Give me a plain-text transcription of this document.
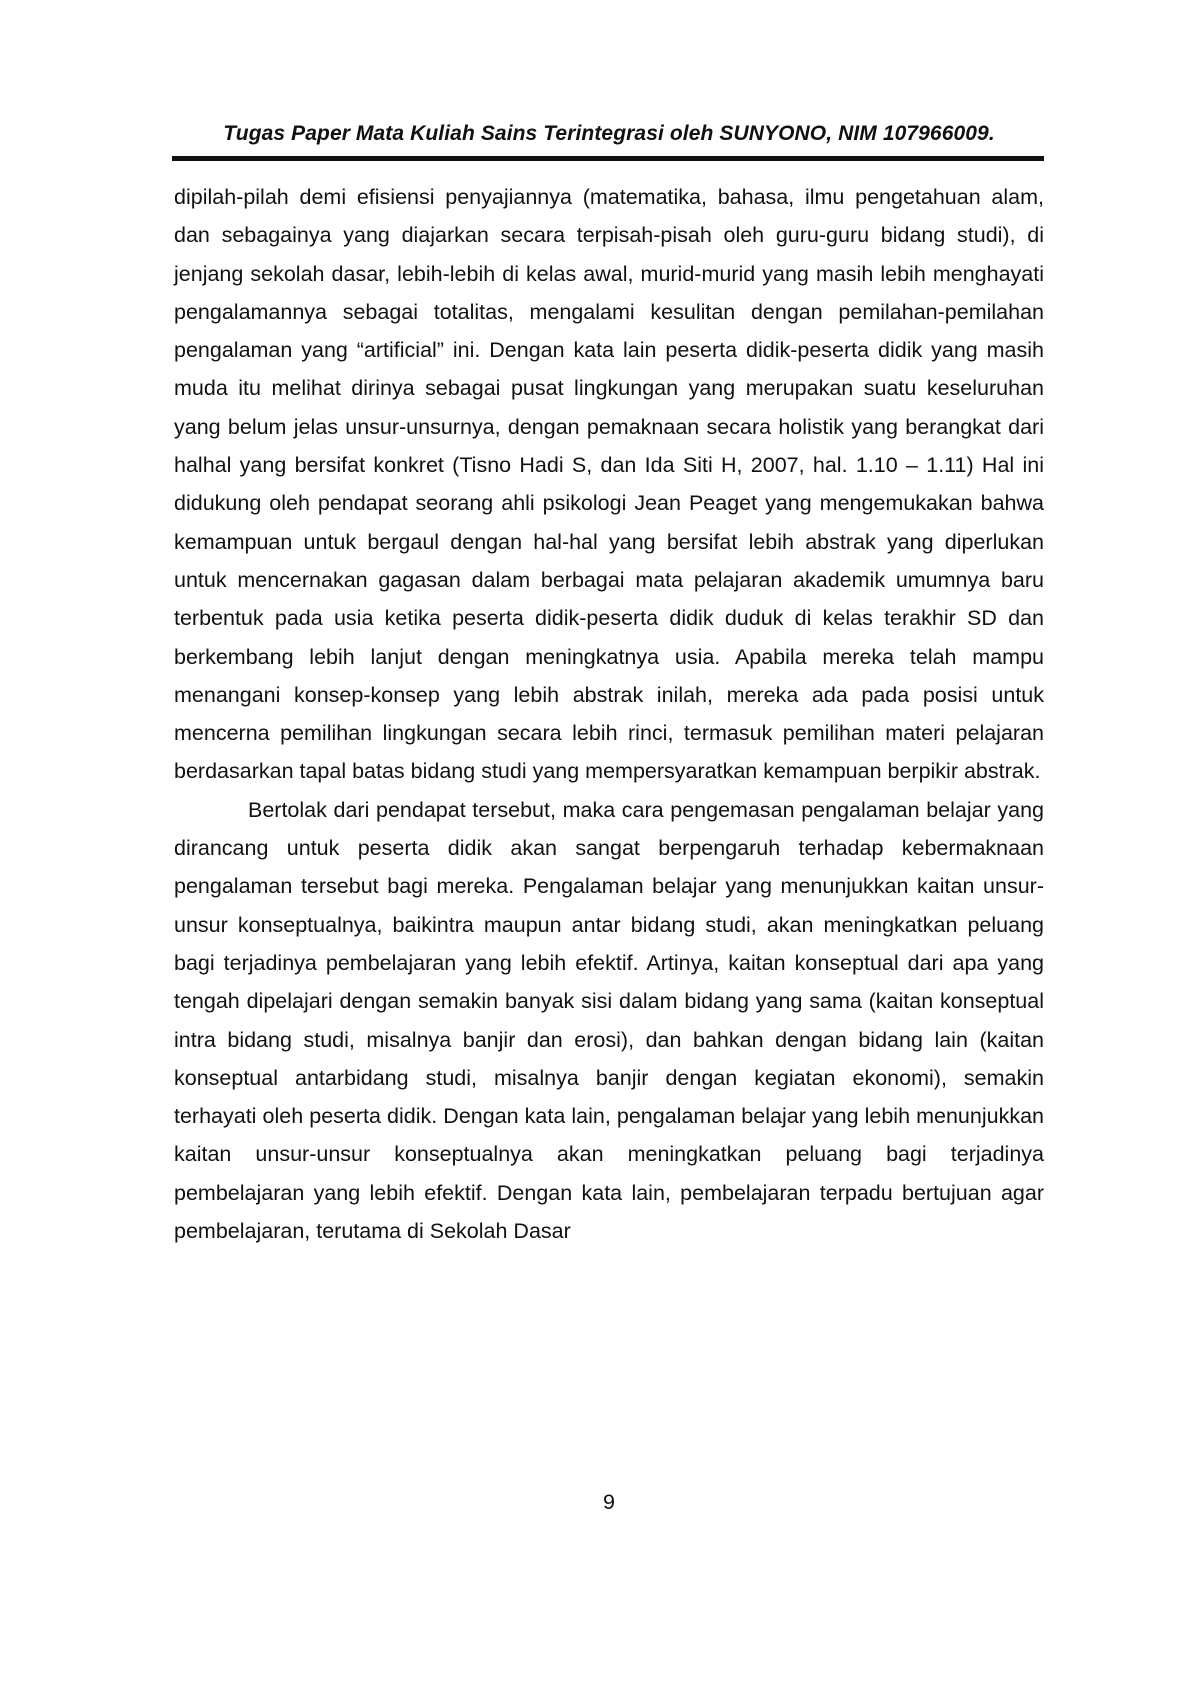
Tugas Paper Mata Kuliah Sains Terintegrasi oleh SUNYONO, NIM 107966009.

dipilah-pilah demi efisiensi penyajiannya (matematika, bahasa, ilmu pengetahuan alam, dan sebagainya yang diajarkan secara terpisah-pisah oleh guru-guru bidang studi), di jenjang sekolah dasar, lebih-lebih di kelas awal, murid-murid yang masih lebih menghayati pengalamannya sebagai totalitas, mengalami kesulitan dengan pemilahan-pemilahan pengalaman yang “artificial” ini. Dengan kata lain peserta didik-peserta didik yang masih muda itu melihat dirinya sebagai pusat lingkungan yang merupakan suatu keseluruhan yang belum jelas unsur-unsurnya, dengan pemaknaan secara holistik yang berangkat dari halhal yang bersifat konkret (Tisno Hadi S, dan Ida Siti H, 2007, hal. 1.10 – 1.11) Hal ini didukung oleh pendapat seorang ahli psikologi Jean Peaget yang mengemukakan bahwa kemampuan untuk bergaul dengan hal-hal yang bersifat lebih abstrak yang diperlukan untuk mencernakan gagasan dalam berbagai mata pelajaran akademik umumnya baru terbentuk pada usia ketika peserta didik-peserta didik duduk di kelas terakhir SD dan berkembang lebih lanjut dengan meningkatnya usia. Apabila mereka telah mampu menangani konsep-konsep yang lebih abstrak inilah, mereka ada pada posisi untuk mencerna pemilihan lingkungan secara lebih rinci, termasuk pemilihan materi pelajaran berdasarkan tapal batas bidang studi yang mempersyaratkan kemampuan berpikir abstrak.

Bertolak dari pendapat tersebut, maka cara pengemasan pengalaman belajar yang dirancang untuk peserta didik akan sangat berpengaruh terhadap kebermaknaan pengalaman tersebut bagi mereka. Pengalaman belajar yang menunjukkan kaitan unsur-unsur konseptualnya, baikintra maupun antar bidang studi, akan meningkatkan peluang bagi terjadinya pembelajaran yang lebih efektif. Artinya, kaitan konseptual dari apa yang tengah dipelajari dengan semakin banyak sisi dalam bidang yang sama (kaitan konseptual intra bidang studi, misalnya banjir dan erosi), dan bahkan dengan bidang lain (kaitan konseptual antarbidang studi, misalnya banjir dengan kegiatan ekonomi), semakin terhayati oleh peserta didik. Dengan kata lain, pengalaman belajar yang lebih menunjukkan kaitan unsur-unsur konseptualnya akan meningkatkan peluang bagi terjadinya pembelajaran yang lebih efektif. Dengan kata lain, pembelajaran terpadu bertujuan agar pembelajaran, terutama di Sekolah Dasar

9
